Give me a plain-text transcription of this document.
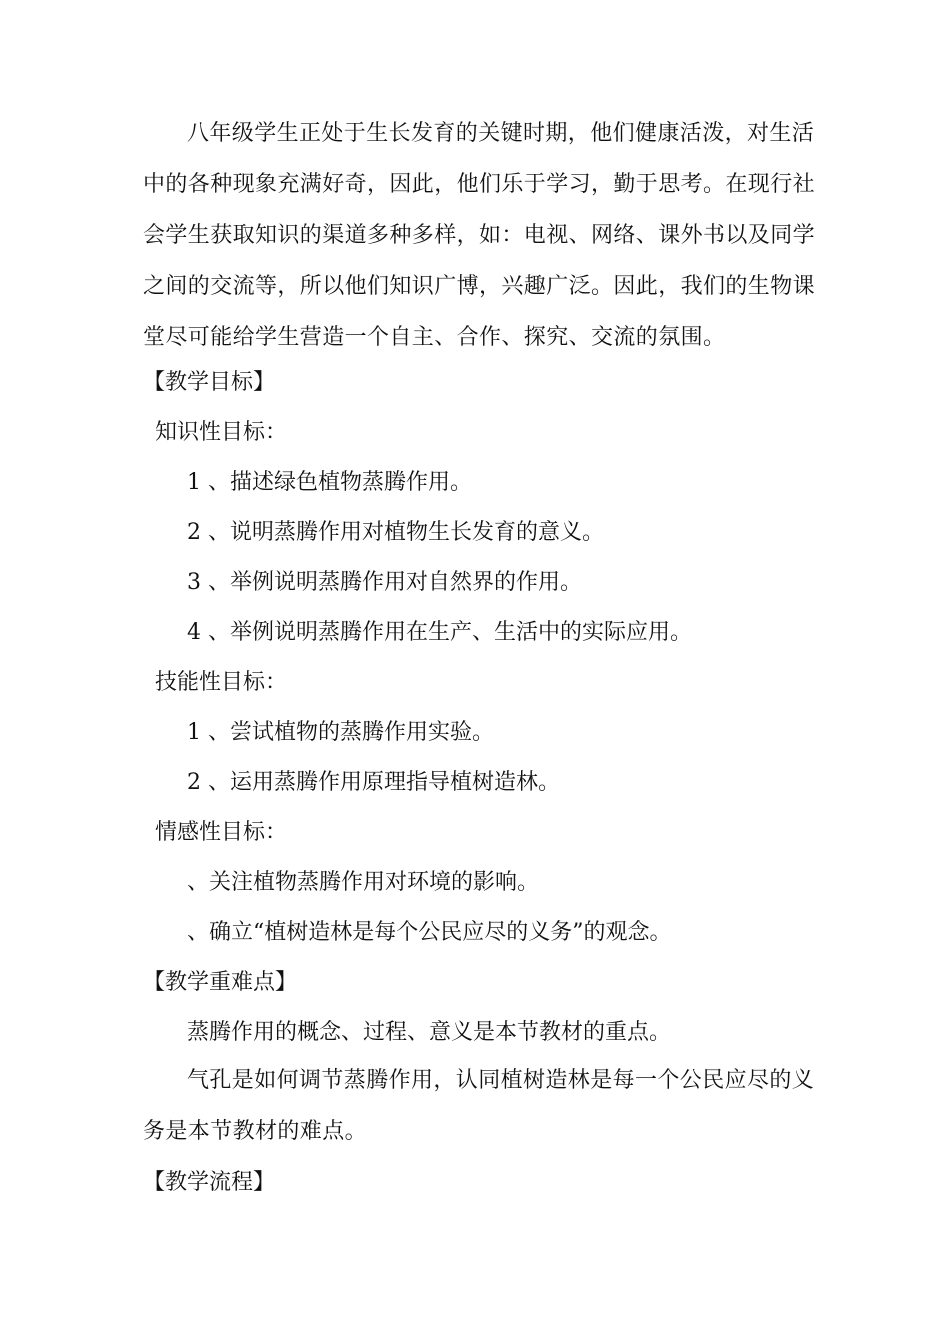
八年级学生正处于生长发育的关键时期，他们健康活泼，对生活中的各种现象充满好奇，因此，他们乐于学习，勤于思考。在现行社会学生获取知识的渠道多种多样，如：电视、网络、课外书以及同学之间的交流等，所以他们知识广博，兴趣广泛。因此，我们的生物课堂尽可能给学生营造一个自主、合作、探究、交流的氛围。

【教学目标】
知识性目标：
1 、描述绿色植物蒸腾作用。
2 、说明蒸腾作用对植物生长发育的意义。
3 、举例说明蒸腾作用对自然界的作用。
4 、举例说明蒸腾作用在生产、生活中的实际应用。
技能性目标：
1 、尝试植物的蒸腾作用实验。
2 、运用蒸腾作用原理指导植树造林。
情感性目标：
、关注植物蒸腾作用对环境的影响。
、确立“植树造林是每个公民应尽的义务”的观念。
【教学重难点】
蒸腾作用的概念、过程、意义是本节教材的重点。

气孔是如何调节蒸腾作用，认同植树造林是每一个公民应尽的义务是本节教材的难点。

【教学流程】
